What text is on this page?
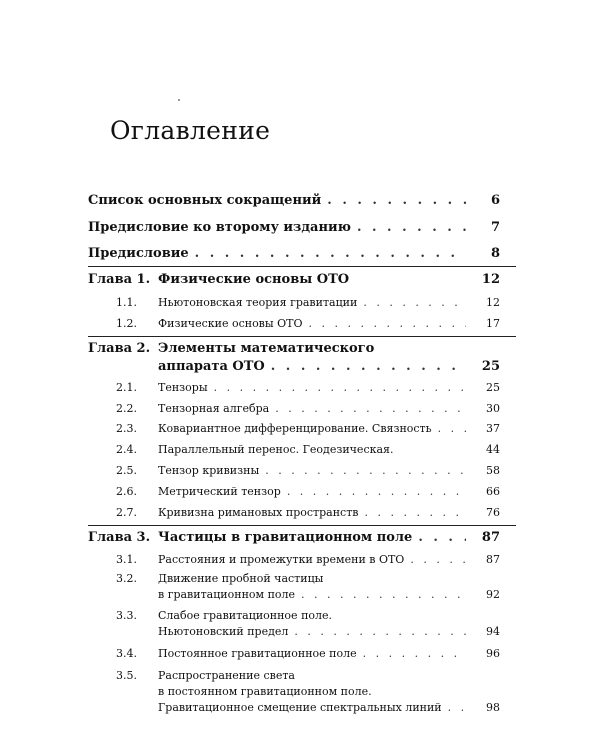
Оглавление
Список основных сокращений . . .	6
Предисловие ко второму изданию . . .	7
Предисловие . . .	8
Глава 1. Физические основы ОТО	12
1.1. Ньютоновская теория гравитации . . .	12
1.2. Физические основы ОТО . . .	17
Глава 2. Элементы математического
аппарата ОТО . . .	25
2.1. Тензоры . . .	25
2.2. Тензорная алгебра . . .	30
2.3. Ковариантное дифференцирование. Связность . . .	37
2.4. Параллельный перенос. Геодезическая.	44
2.5. Тензор кривизны . . .	58
2.6. Метрический тензор . . .	66
2.7. Кривизна римановых пространств . . .	76
Глава 3. Частицы в гравитационном поле . . .	87
3.1. Расстояния и промежутки времени в ОТО . . .	87
3.2. Движение пробной частицы
в гравитационном поле . . .	92
3.3. Слабое гравитационное поле.
Ньютоновский предел . . .	94
3.4. Постоянное гравитационное поле . . .	96
3.5. Распространение света
в постоянном гравитационном поле.
Гравитационное смещение спектральных линий . . .	98
